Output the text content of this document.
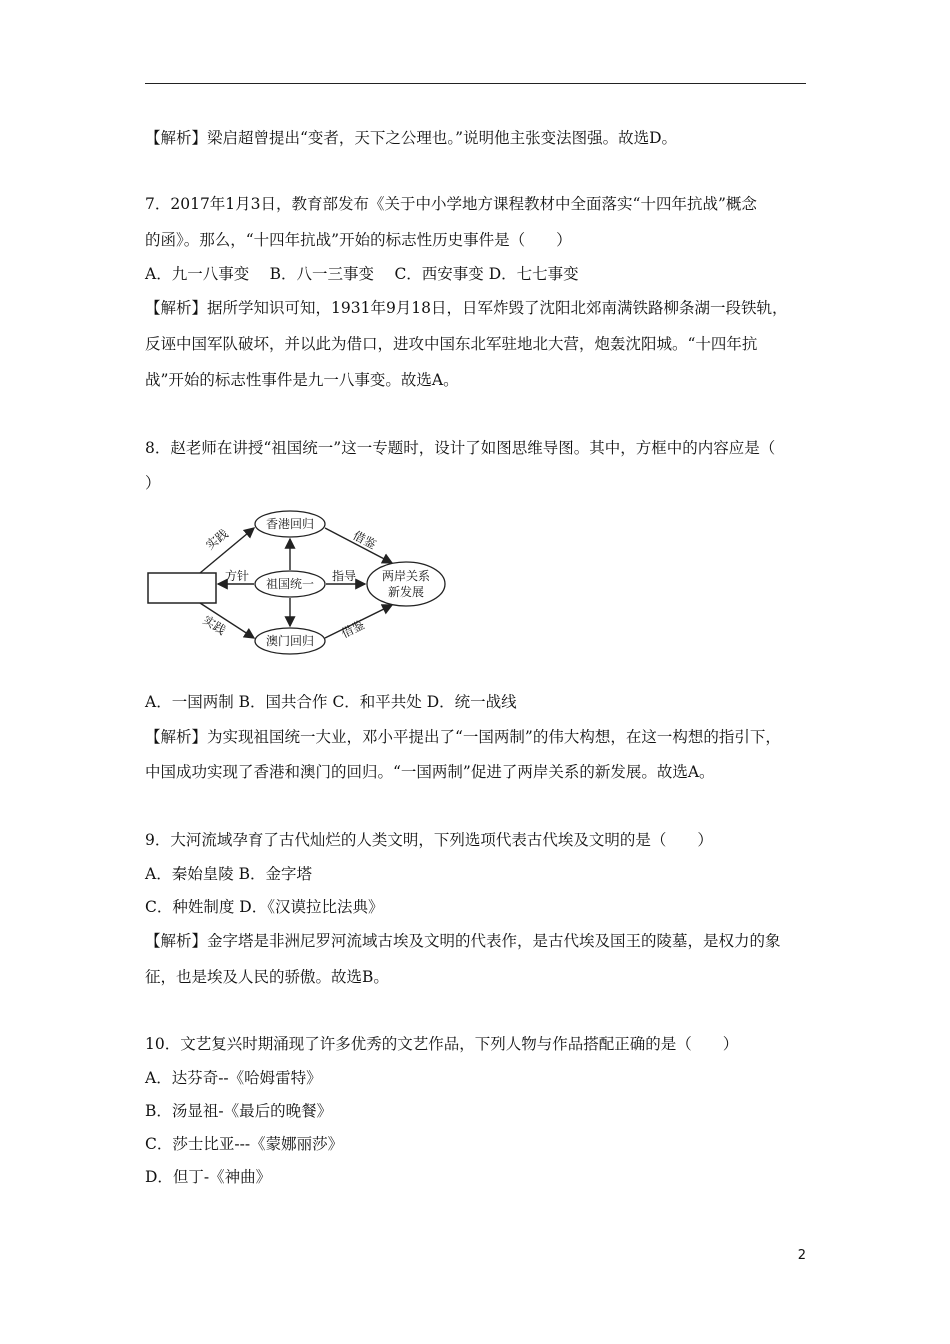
【解析】梁启超曾提出“变者，天下之公理也。”说明他主张变法图强。故选D。
7．2017年1月3日，教育部发布《关于中小学地方课程教材中全面落实“十四年抗战”概念
的函》。那么，“十四年抗战”开始的标志性历史事件是（　　）
A．九一八事变　 B．八一三事变　 C．西安事变 D．七七事变
【解析】据所学知识可知，1931年9月18日，日军炸毁了沈阳北郊南满铁路柳条湖一段铁轨，
反诬中国军队破坏，并以此为借口，进攻中国东北军驻地北大营，炮轰沈阳城。“十四年抗
战”开始的标志性事件是九一八事变。故选A。
8．赵老师在讲授“祖国统一”这一专题时，设计了如图思维导图。其中，方框中的内容应是（
）
香港回归
祖国统一
澳门回归
两岸关系
新发展
实践
实践
方针	指导
借鉴
借鉴
A．一国两制 B．国共合作 C．和平共处 D．统一战线
【解析】为实现祖国统一大业，邓小平提出了“一国两制”的伟大构想，在这一构想的指引下，
中国成功实现了香港和澳门的回归。“一国两制”促进了两岸关系的新发展。故选A。
9．大河流域孕育了古代灿烂的人类文明，下列选项代表古代埃及文明的是（　　）
A．秦始皇陵 B．金字塔
C．种姓制度 D．《汉谟拉比法典》
【解析】金字塔是非洲尼罗河流域古埃及文明的代表作，是古代埃及国王的陵墓，是权力的象
征，也是埃及人民的骄傲。故选B。
10．文艺复兴时期涌现了许多优秀的文艺作品，下列人物与作品搭配正确的是（　　）
A．达芬奇--《哈姆雷特》
B．汤显祖-《最后的晚餐》
C．莎士比亚---《蒙娜丽莎》
D．但丁-《神曲》
2
